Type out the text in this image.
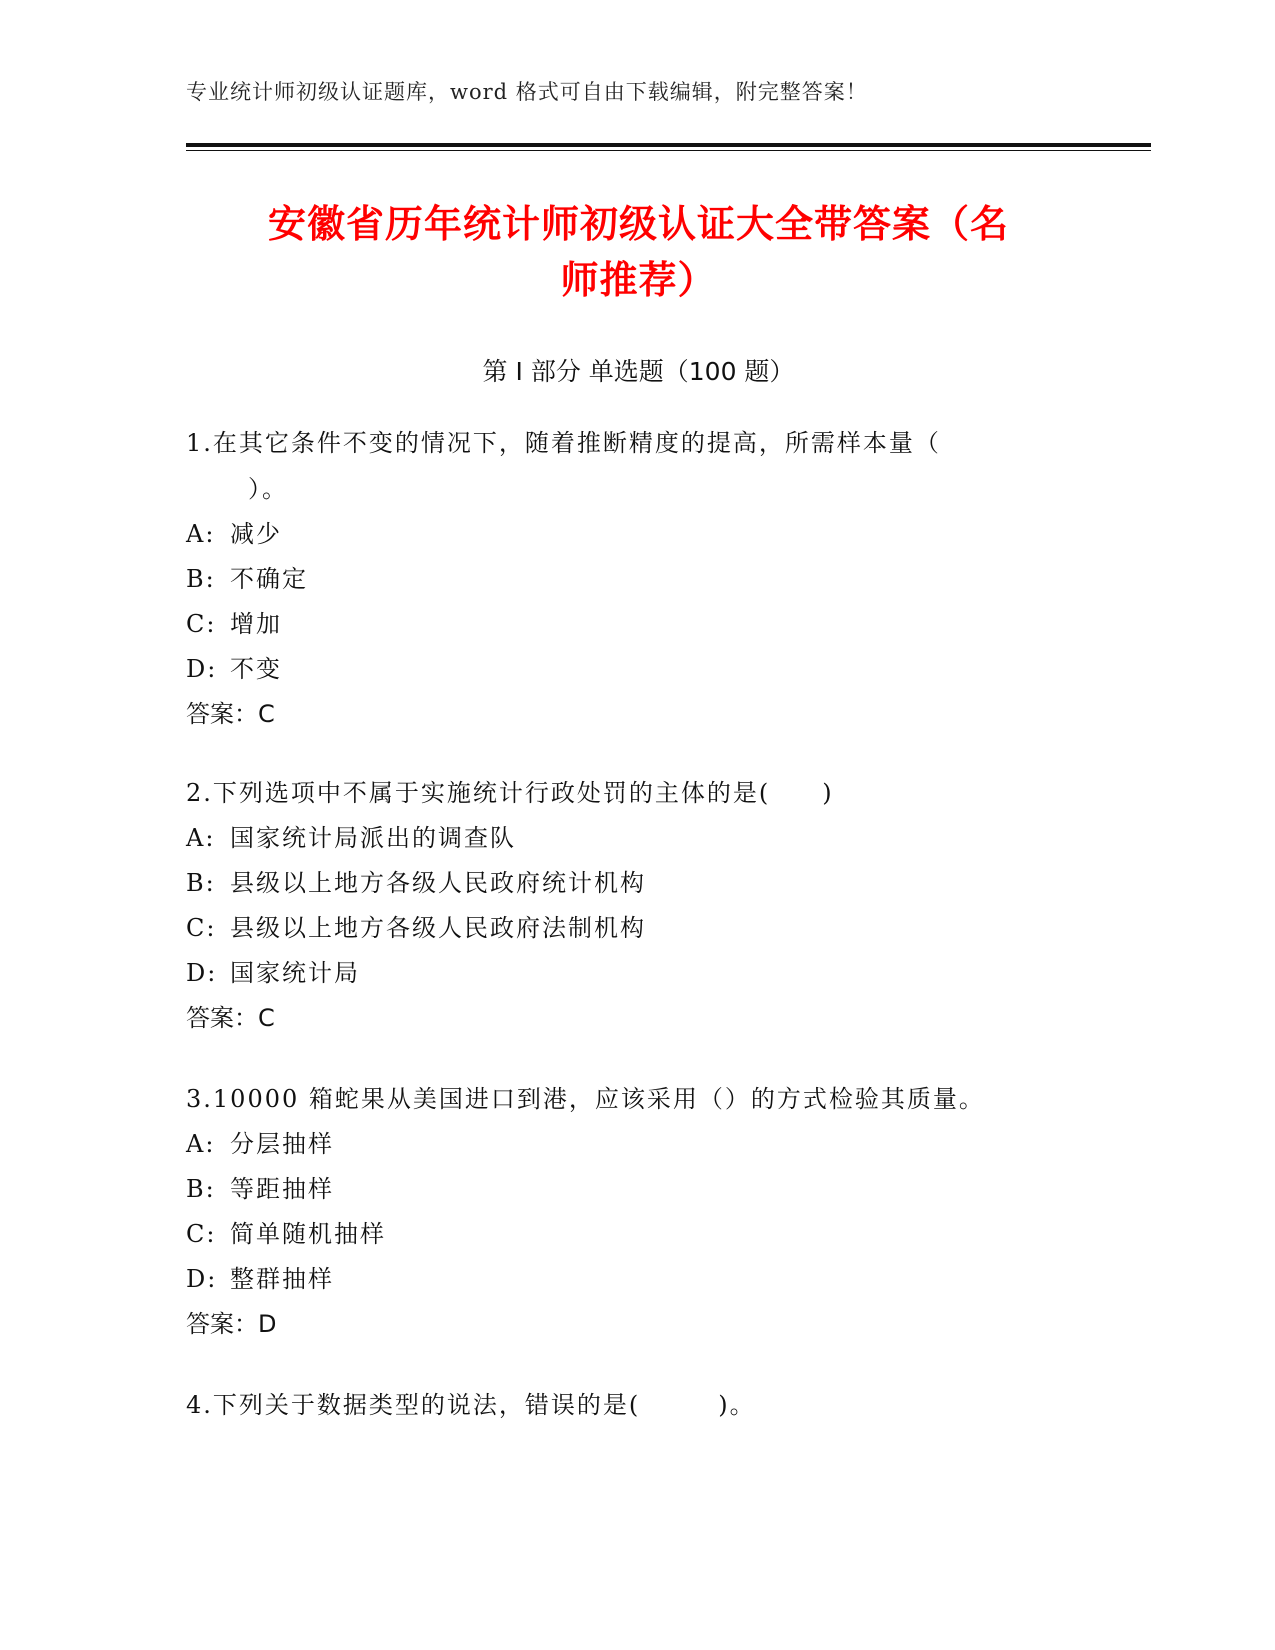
专业统计师初级认证题库，word 格式可自由下载编辑，附完整答案！
安徽省历年统计师初级认证大全带答案（名
师推荐）
第 I 部分 单选题（100 题）

1.在其它条件不变的情况下，随着推断精度的提高，所需样本量（

）。

A: 减少

B: 不确定

C: 增加

D: 不变

答案：C

2.下列选项中不属于实施统计行政处罚的主体的是(　　)

A: 国家统计局派出的调查队

B: 县级以上地方各级人民政府统计机构

C: 县级以上地方各级人民政府法制机构

D: 国家统计局

答案：C

3.10000 箱蛇果从美国进口到港，应该采用（）的方式检验其质量。

A: 分层抽样

B: 等距抽样

C: 简单随机抽样

D: 整群抽样

答案：D

4.下列关于数据类型的说法，错误的是(　　　)。
